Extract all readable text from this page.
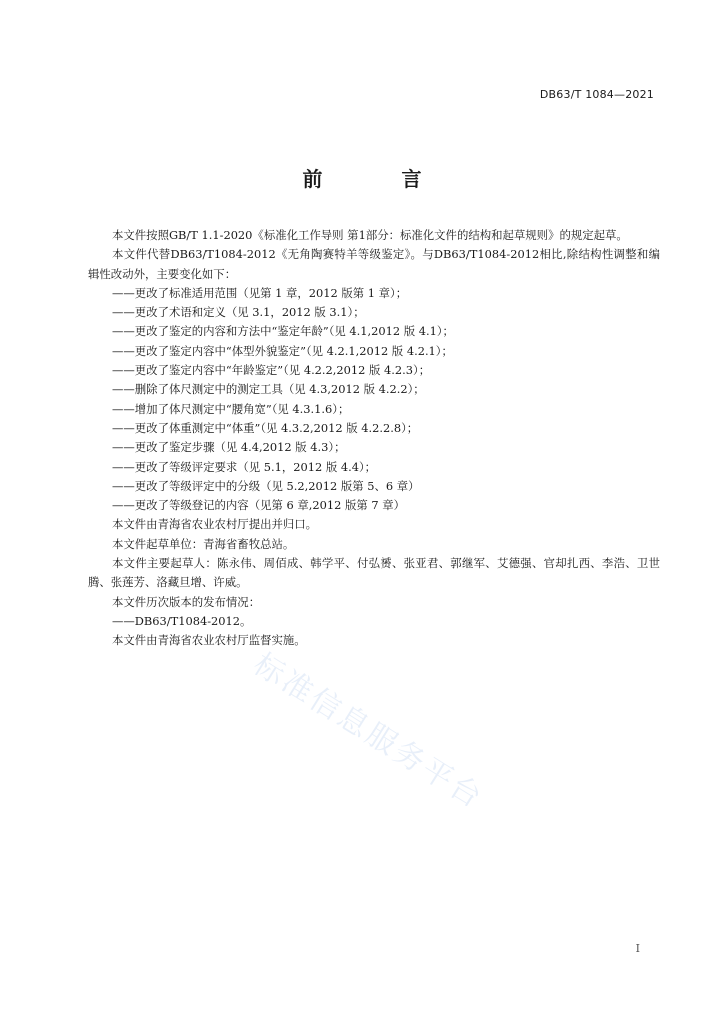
DB63/T 1084—2021
前 言
本文件按照GB/T 1.1-2020《标准化工作导则 第1部分：标准化文件的结构和起草规则》的规定起草。
本文件代替DB63/T1084-2012《无角陶赛特羊等级鉴定》。与DB63/T1084-2012相比,除结构性调整和编辑性改动外，主要变化如下：
——更改了标准适用范围（见第 1 章，2012 版第 1 章）；
——更改了术语和定义（见 3.1，2012 版 3.1）；
——更改了鉴定的内容和方法中“鉴定年龄”（见 4.1,2012 版 4.1）；
——更改了鉴定内容中“体型外貌鉴定”（见 4.2.1,2012 版 4.2.1）；
——更改了鉴定内容中“年龄鉴定”（见 4.2.2,2012 版 4.2.3）；
——删除了体尺测定中的测定工具（见 4.3,2012 版 4.2.2）；
——增加了体尺测定中“腰角宽”（见 4.3.1.6）；
——更改了体重测定中“体重”（见 4.3.2,2012 版 4.2.2.8）；
——更改了鉴定步骤（见 4.4,2012 版 4.3）；
——更改了等级评定要求（见 5.1，2012 版 4.4）；
——更改了等级评定中的分级（见 5.2,2012 版第 5、6 章）
——更改了等级登记的内容（见第 6 章,2012 版第 7 章）
本文件由青海省农业农村厅提出并归口。
本文件起草单位：青海省畜牧总站。
本文件主要起草人：陈永伟、周佰成、韩学平、付弘赟、张亚君、郭继军、艾德强、官却扎西、李浩、卫世腾、张莲芳、洛藏旦增、许威。
本文件历次版本的发布情况：
——DB63/T1084-2012。
本文件由青海省农业农村厅监督实施。
标准信息服务平台
I
